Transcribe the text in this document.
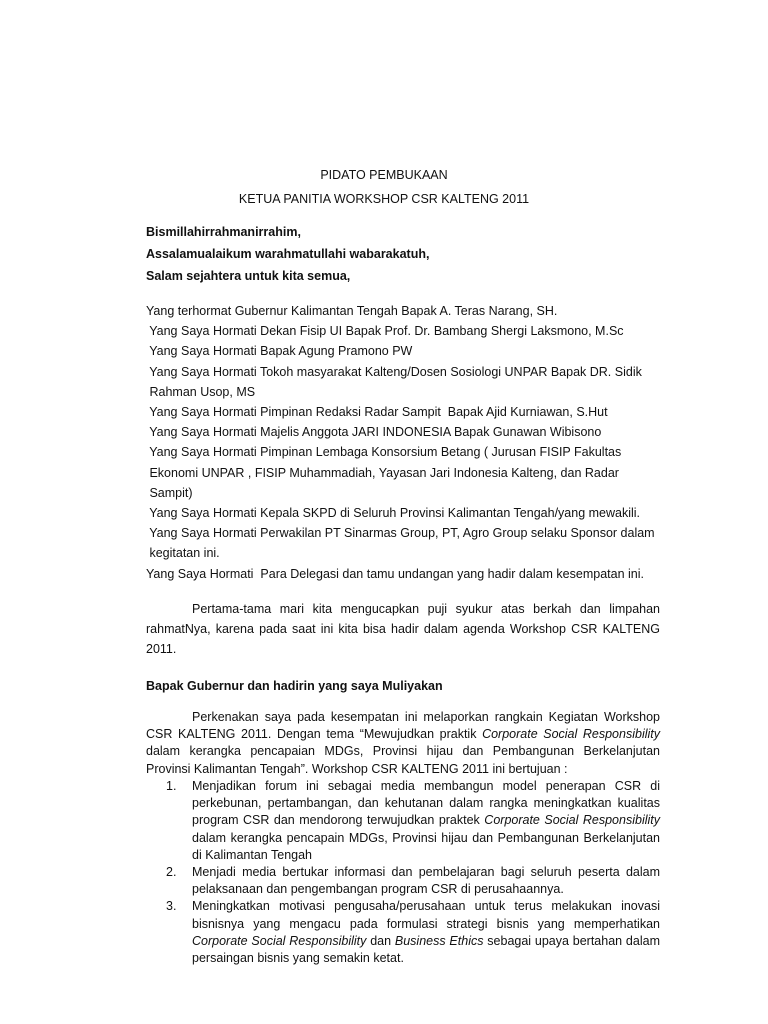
PIDATO PEMBUKAAN
KETUA PANITIA WORKSHOP CSR KALTENG 2011
Bismillahirrahmanirrahim,
Assalamualaikum warahmatullahi wabarakatuh,
Salam sejahtera untuk kita semua,
Yang terhormat Gubernur Kalimantan Tengah Bapak A. Teras Narang, SH.
Yang Saya Hormati Dekan Fisip UI Bapak Prof. Dr. Bambang Shergi Laksmono, M.Sc
Yang Saya Hormati Bapak Agung Pramono PW
Yang Saya Hormati Tokoh masyarakat Kalteng/Dosen Sosiologi UNPAR Bapak DR. Sidik
Rahman Usop, MS
Yang Saya Hormati Pimpinan Redaksi Radar Sampit  Bapak Ajid Kurniawan, S.Hut
Yang Saya Hormati Majelis Anggota JARI INDONESIA Bapak Gunawan Wibisono
Yang Saya Hormati Pimpinan Lembaga Konsorsium Betang ( Jurusan FISIP Fakultas
Ekonomi UNPAR , FISIP Muhammadiah, Yayasan Jari Indonesia Kalteng, dan Radar
Sampit)
Yang Saya Hormati Kepala SKPD di Seluruh Provinsi Kalimantan Tengah/yang mewakili.
Yang Saya Hormati Perwakilan PT Sinarmas Group, PT, Agro Group selaku Sponsor dalam
kegitatan ini.
Yang Saya Hormati  Para Delegasi dan tamu undangan yang hadir dalam kesempatan ini.
Pertama-tama mari kita mengucapkan puji syukur atas berkah dan limpahan rahmatNya, karena pada saat ini kita bisa hadir dalam agenda Workshop CSR KALTENG 2011.
Bapak Gubernur dan hadirin yang saya Muliyakan
Perkenakan saya pada kesempatan ini melaporkan rangkain Kegiatan Workshop CSR KALTENG 2011. Dengan tema “Mewujudkan praktik Corporate Social Responsibility dalam kerangka pencapaian MDGs, Provinsi hijau dan Pembangunan Berkelanjutan Provinsi Kalimantan Tengah”. Workshop CSR KALTENG 2011 ini bertujuan :
1. Menjadikan forum ini sebagai media membangun model penerapan CSR di perkebunan, pertambangan, dan kehutanan dalam rangka meningkatkan kualitas program CSR dan mendorong terwujudkan praktek Corporate Social Responsibility dalam kerangka pencapain MDGs, Provinsi hijau dan Pembangunan Berkelanjutan di Kalimantan Tengah
2. Menjadi media bertukar informasi dan pembelajaran bagi seluruh peserta dalam pelaksanaan dan pengembangan program CSR di perusahaannya.
3. Meningkatkan motivasi pengusaha/perusahaan untuk terus melakukan inovasi bisnisnya yang mengacu pada formulasi strategi bisnis yang memperhatikan Corporate Social Responsibility dan Business Ethics sebagai upaya bertahan dalam persaingan bisnis yang semakin ketat.
